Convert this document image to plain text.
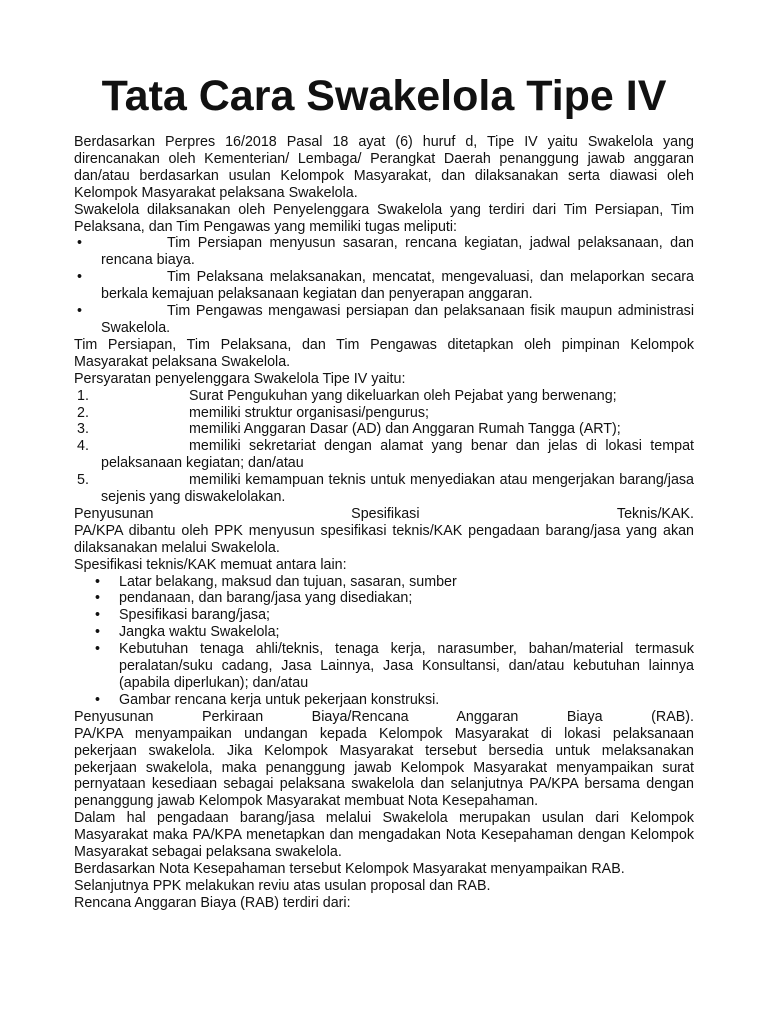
Tata Cara Swakelola Tipe IV

Berdasarkan Perpres 16/2018 Pasal 18 ayat (6) huruf d, Tipe IV yaitu Swakelola yang direncanakan oleh Kementerian/ Lembaga/ Perangkat Daerah penanggung jawab anggaran dan/atau berdasarkan usulan Kelompok Masyarakat, dan dilaksanakan serta diawasi oleh Kelompok Masyarakat pelaksana Swakelola.

Swakelola dilaksanakan oleh Penyelenggara Swakelola yang terdiri dari Tim Persiapan, Tim Pelaksana, dan Tim Pengawas yang memiliki tugas meliputi:

•	Tim Persiapan menyusun sasaran, rencana kegiatan, jadwal pelaksanaan, dan rencana biaya.
•	Tim Pelaksana melaksanakan, mencatat, mengevaluasi, dan melaporkan secara berkala kemajuan pelaksanaan kegiatan dan penyerapan anggaran.
•	Tim Pengawas mengawasi persiapan dan pelaksanaan fisik maupun administrasi Swakelola.

Tim Persiapan, Tim Pelaksana, dan Tim Pengawas ditetapkan oleh pimpinan Kelompok Masyarakat pelaksana Swakelola.

Persyaratan penyelenggara Swakelola Tipe IV yaitu:

1.	Surat Pengukuhan yang dikeluarkan oleh Pejabat yang berwenang;
2.	memiliki struktur organisasi/pengurus;
3.	memiliki Anggaran Dasar (AD) dan Anggaran Rumah Tangga (ART);
4.	memiliki sekretariat dengan alamat yang benar dan jelas di lokasi tempat pelaksanaan kegiatan; dan/atau
5.	memiliki kemampuan teknis untuk menyediakan atau mengerjakan barang/jasa sejenis yang diswakelolakan.

Penyusunan Spesifikasi Teknis/KAK.

PA/KPA dibantu oleh PPK menyusun spesifikasi teknis/KAK pengadaan barang/jasa yang akan dilaksanakan melalui Swakelola.

Spesifikasi teknis/KAK memuat antara lain:

• Latar belakang, maksud dan tujuan, sasaran, sumber
• pendanaan, dan barang/jasa yang disediakan;
• Spesifikasi barang/jasa;
• Jangka waktu Swakelola;
• Kebutuhan tenaga ahli/teknis, tenaga kerja, narasumber, bahan/material termasuk peralatan/suku cadang, Jasa Lainnya, Jasa Konsultansi, dan/atau kebutuhan lainnya (apabila diperlukan); dan/atau
• Gambar rencana kerja untuk pekerjaan konstruksi.

Penyusunan Perkiraan Biaya/Rencana Anggaran Biaya (RAB).

PA/KPA menyampaikan undangan kepada Kelompok Masyarakat di lokasi pelaksanaan pekerjaan swakelola. Jika Kelompok Masyarakat tersebut bersedia untuk melaksanakan pekerjaan swakelola, maka penanggung jawab Kelompok Masyarakat menyampaikan surat pernyataan kesediaan sebagai pelaksana swakelola dan selanjutnya PA/KPA bersama dengan penanggung jawab Kelompok Masyarakat membuat Nota Kesepahaman.

Dalam hal pengadaan barang/jasa melalui Swakelola merupakan usulan dari Kelompok Masyarakat maka PA/KPA menetapkan dan mengadakan Nota Kesepahaman dengan Kelompok Masyarakat sebagai pelaksana swakelola.

Berdasarkan Nota Kesepahaman tersebut Kelompok Masyarakat menyampaikan RAB.

Selanjutnya PPK melakukan reviu atas usulan proposal dan RAB.

Rencana Anggaran Biaya (RAB) terdiri dari:
